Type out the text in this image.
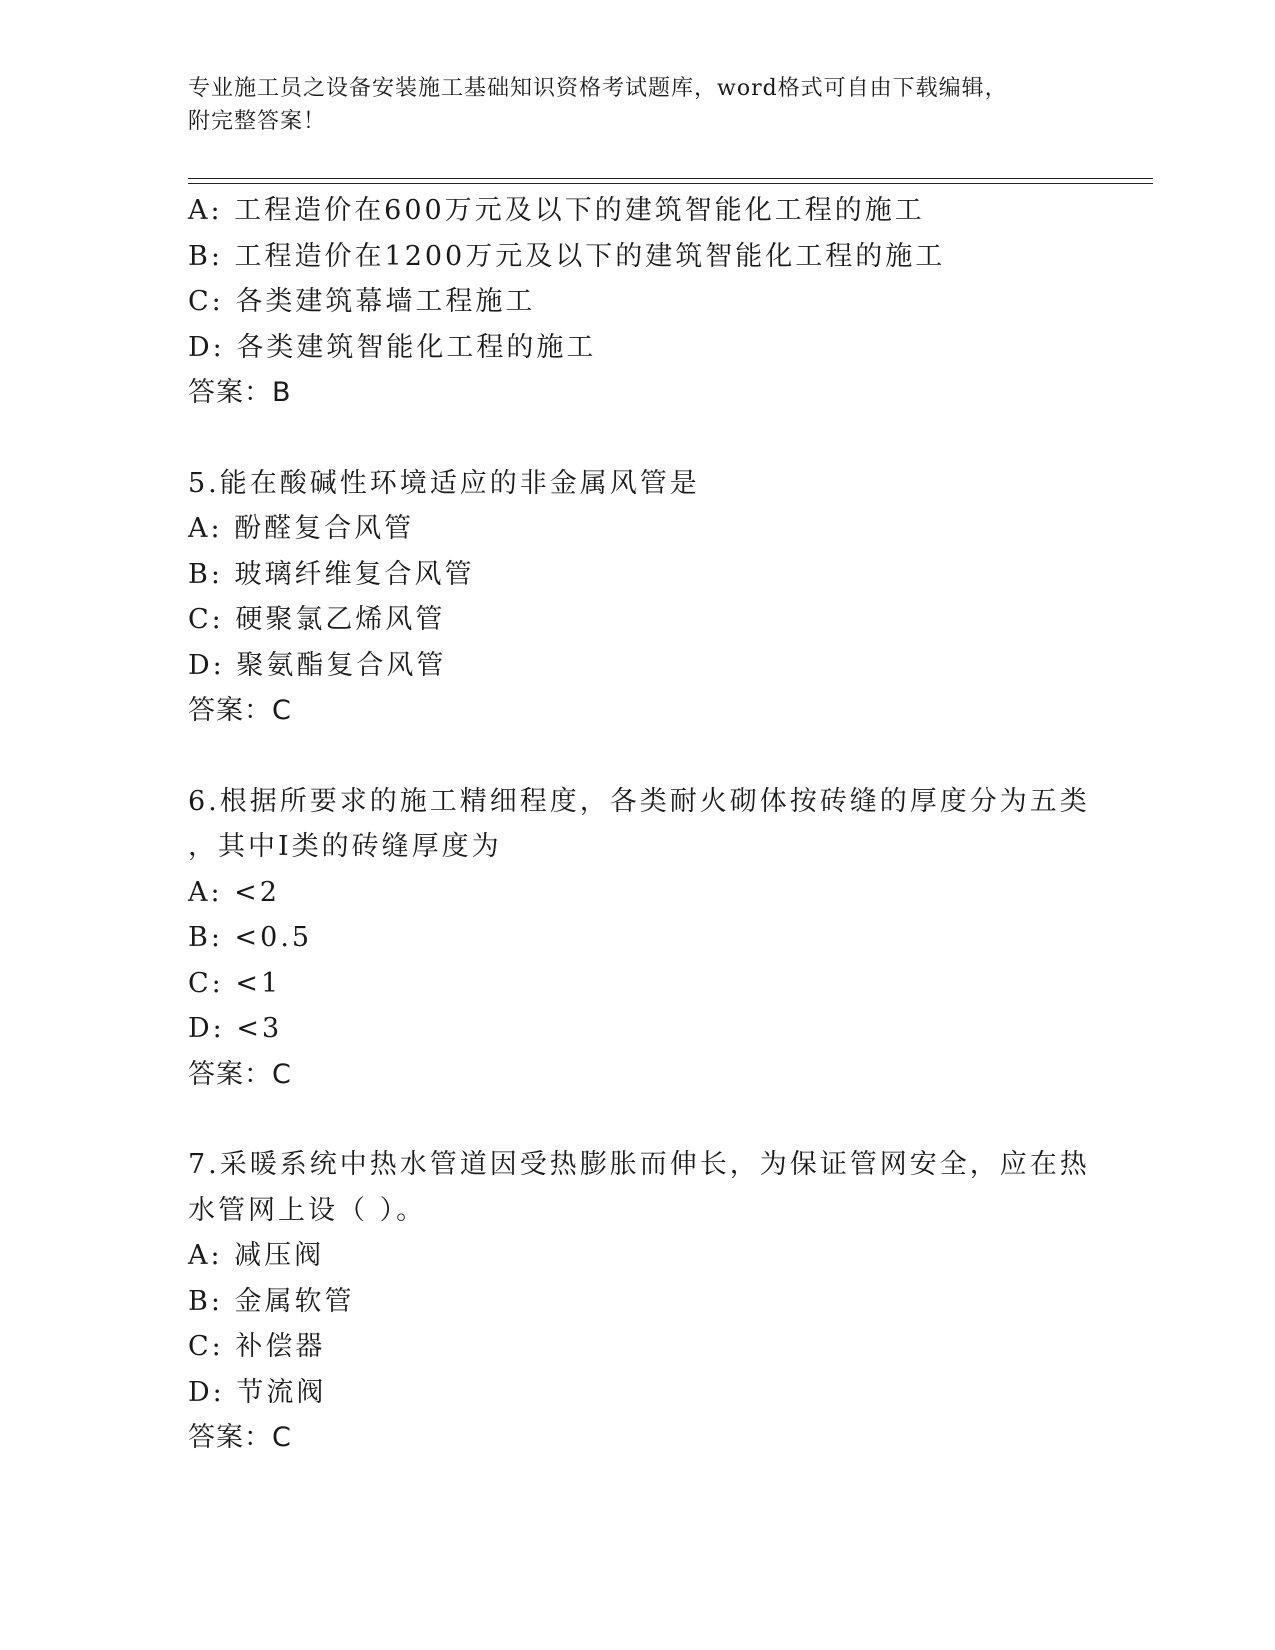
专业施工员之设备安装施工基础知识资格考试题库，word格式可自由下载编辑，
附完整答案！
A: 工程造价在600万元及以下的建筑智能化工程的施工
B: 工程造价在1200万元及以下的建筑智能化工程的施工
C: 各类建筑幕墙工程施工
D: 各类建筑智能化工程的施工
答案：B
5.能在酸碱性环境适应的非金属风管是
A: 酚醛复合风管
B: 玻璃纤维复合风管
C: 硬聚氯乙烯风管
D: 聚氨酯复合风管
答案：C
6.根据所要求的施工精细程度，各类耐火砌体按砖缝的厚度分为五类
，其中Ⅰ类的砖缝厚度为
A: <2
B: <0.5
C: <1
D: <3
答案：C
7.采暖系统中热水管道因受热膨胀而伸长，为保证管网安全，应在热
水管网上设（ ）。
A: 减压阀
B: 金属软管
C: 补偿器
D: 节流阀
答案：C
